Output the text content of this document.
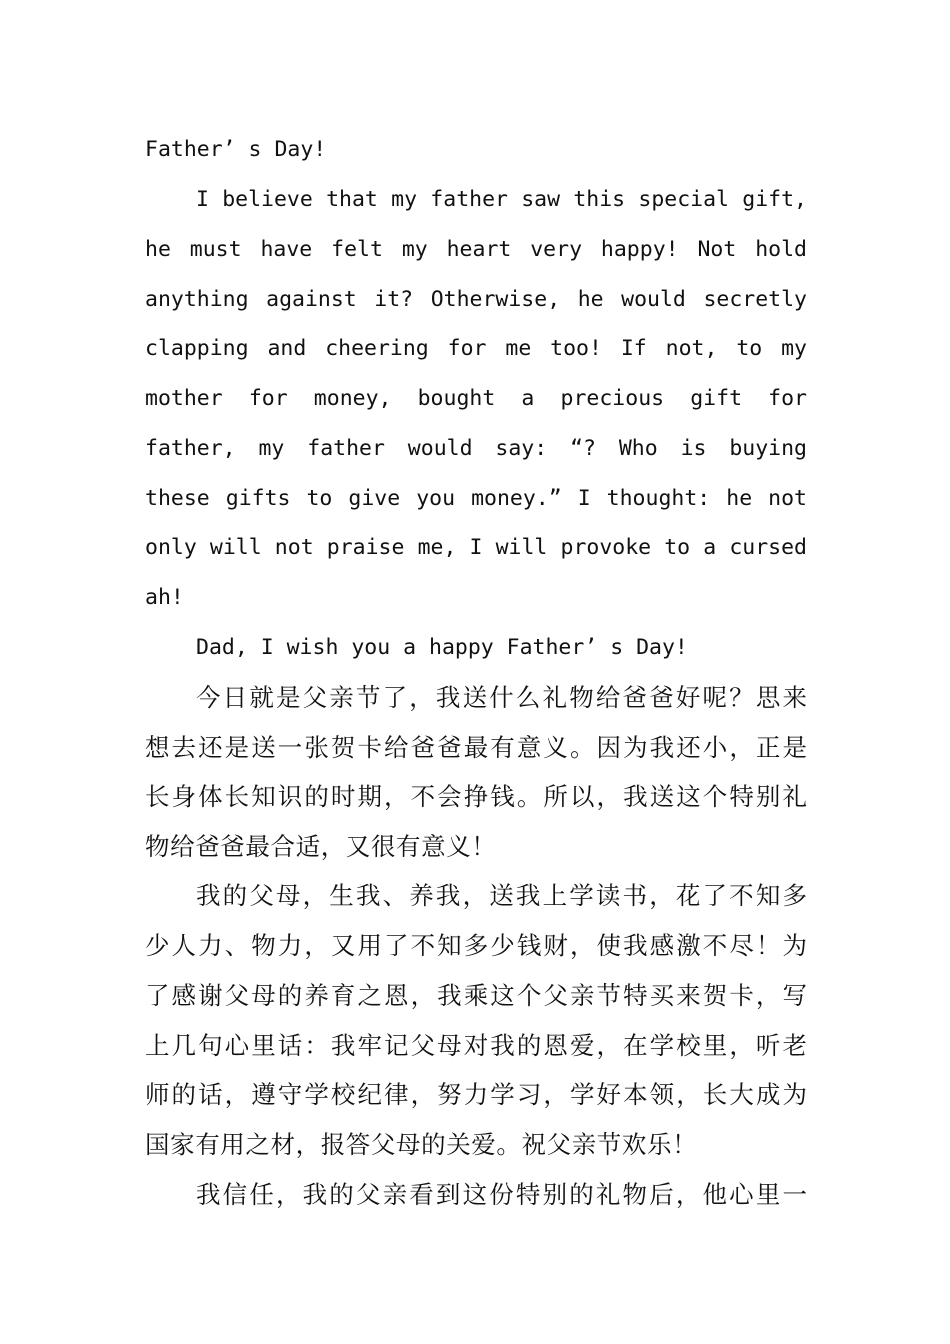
Father’ s Day!

I believe that my father saw this special gift,

he must have felt my heart very happy! Not hold

anything against it? Otherwise, he would secretly

clapping and cheering for me too! If not, to my

mother for money, bought a precious gift for

father, my father would say: “? Who is buying

these gifts to give you money.” I thought: he not

only will not praise me, I will provoke to a cursed

ah!

Dad, I wish you a happy Father’ s Day!

今日就是父亲节了，我送什么礼物给爸爸好呢？思来

想去还是送一张贺卡给爸爸最有意义。因为我还小，正是

长身体长知识的时期，不会挣钱。所以，我送这个特别礼

物给爸爸最合适，又很有意义！

我的父母，生我、养我，送我上学读书，花了不知多

少人力、物力，又用了不知多少钱财，使我感激不尽！为

了感谢父母的养育之恩，我乘这个父亲节特买来贺卡，写

上几句心里话：我牢记父母对我的恩爱，在学校里，听老

师的话，遵守学校纪律，努力学习，学好本领，长大成为

国家有用之材，报答父母的关爱。祝父亲节欢乐！

我信任，我的父亲看到这份特别的礼物后，他心里一
